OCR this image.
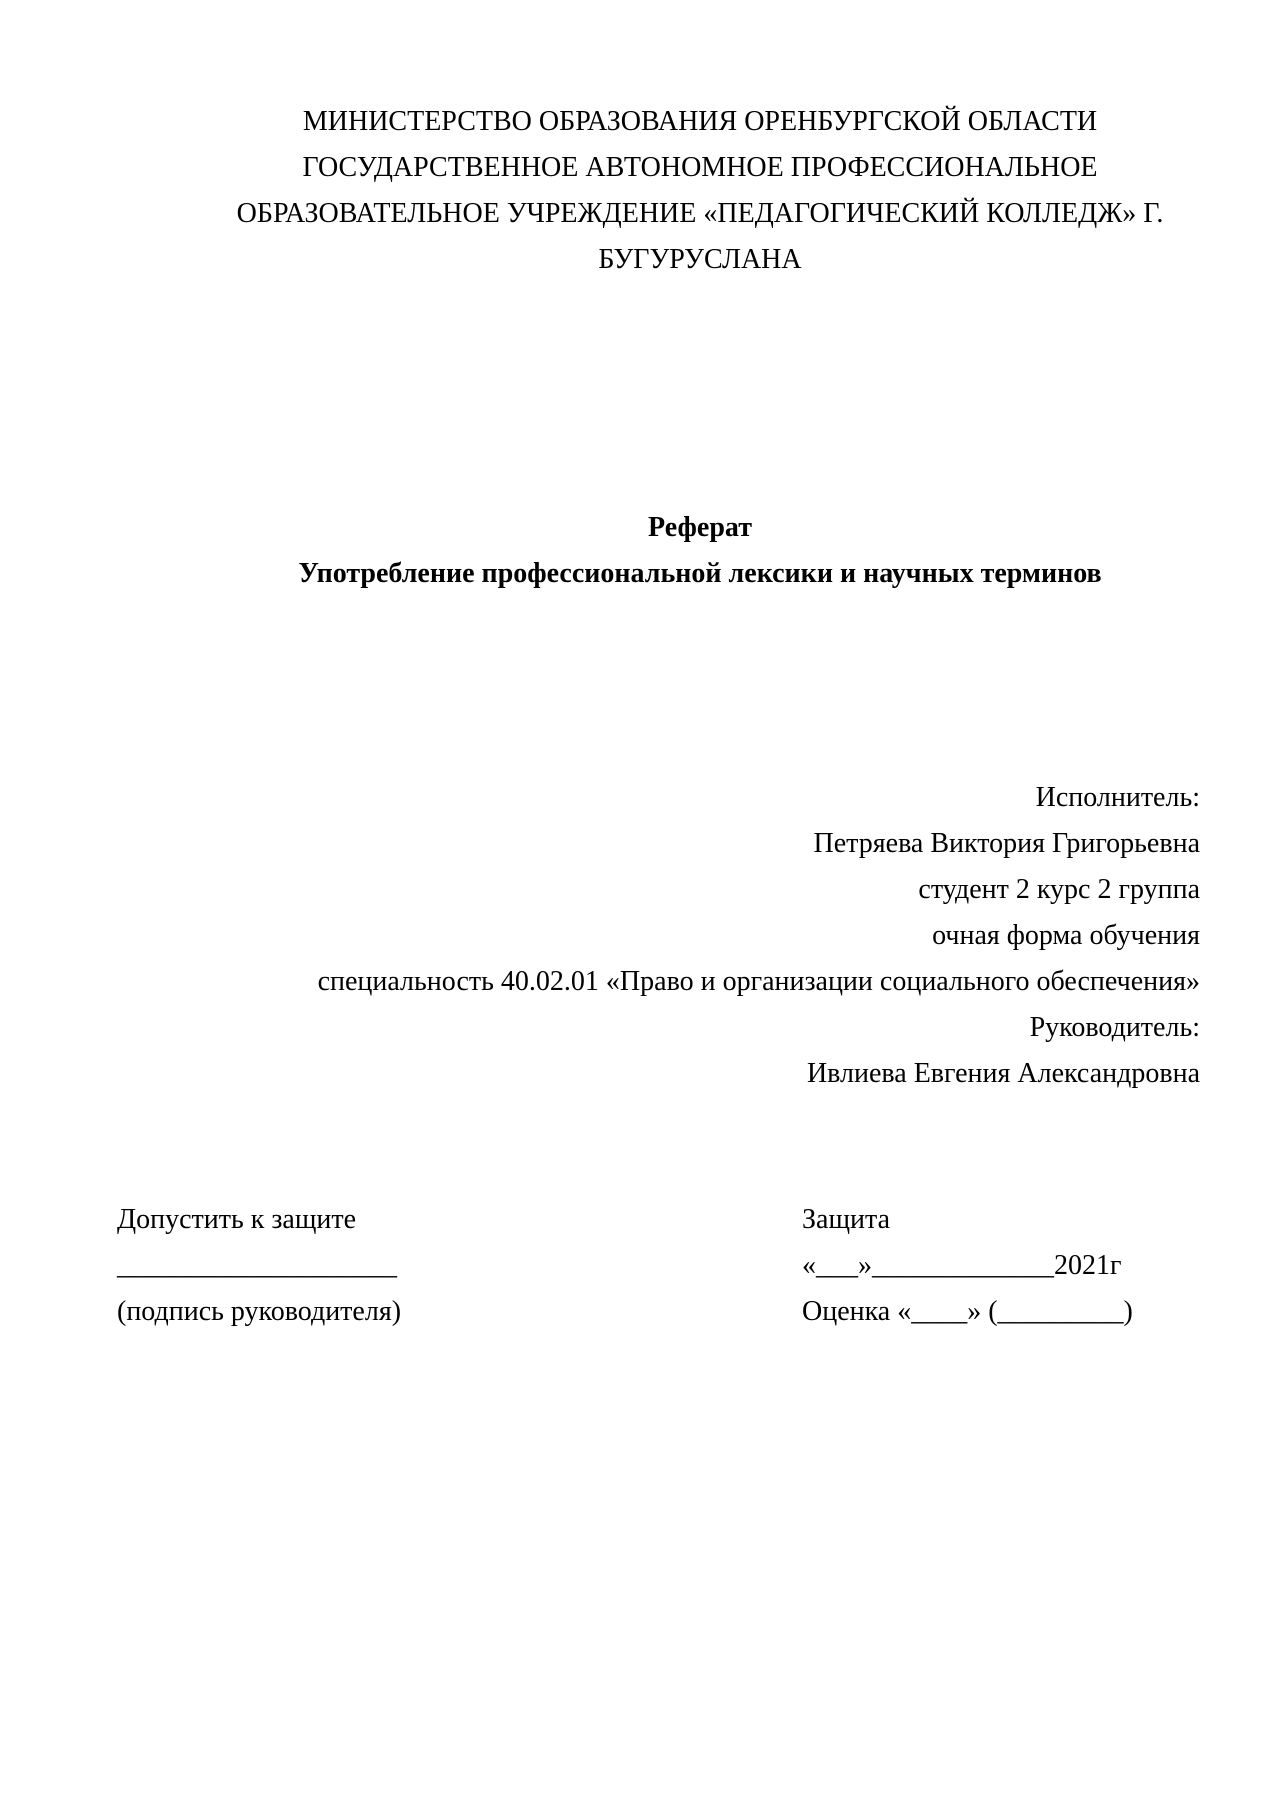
МИНИСТЕРСТВО ОБРАЗОВАНИЯ ОРЕНБУРГСКОЙ ОБЛАСТИ
ГОСУДАРСТВЕННОЕ АВТОНОМНОЕ ПРОФЕССИОНАЛЬНОЕ
ОБРАЗОВАТЕЛЬНОЕ УЧРЕЖДЕНИЕ «ПЕДАГОГИЧЕСКИЙ КОЛЛЕДЖ» Г.
БУГУРУСЛАНА
Реферат
Употребление профессиональной лексики и научных терминов
Исполнитель:
Петряева Виктория Григорьевна
студент 2 курс 2 группа
очная форма обучения
специальность 40.02.01 «Право и организации социального обеспечения»
Руководитель:
Ивлиева Евгения Александровна
Допустить к защите
____________________
(подпись руководителя)
Защита
«___»_____________2021г
Оценка «____» (_________)
